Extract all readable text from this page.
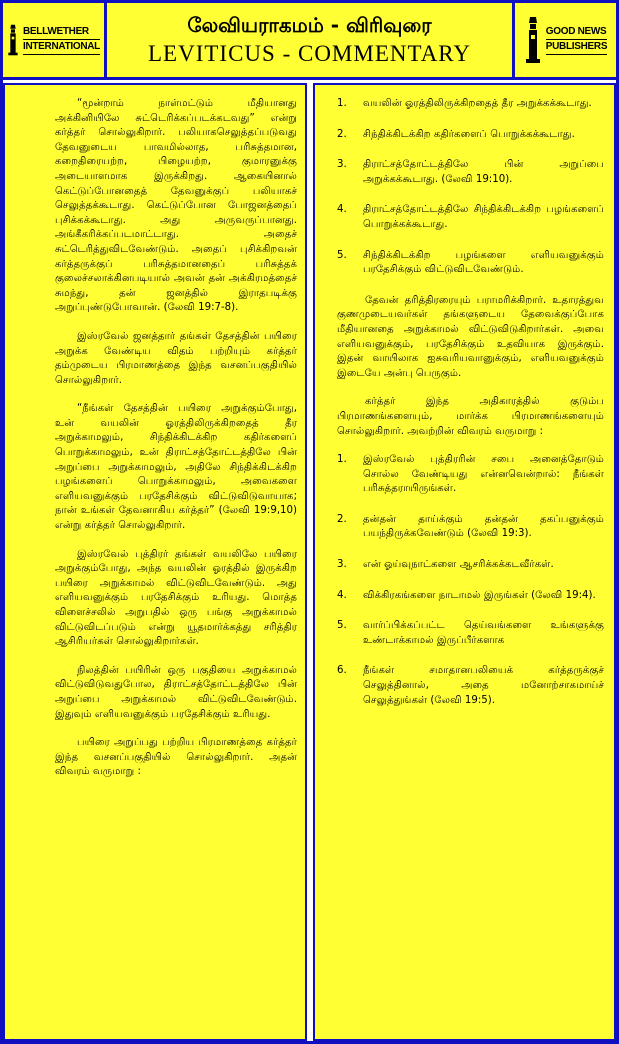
BELLWETHER
INTERNATIONAL
லேவியராகமம் - விரிவுரை
LEVITICUS - COMMENTARY
GOOD NEWS
PUBLISHERS

“மூன்றாம் நாள்மட்டும் மீதியானது அக்கினியிலே சுட்டெரிக்கப்படக்கடவது” என்று கர்த்தர் சொல்லுகிறார். பலியாகசெலுத்தப்படுவது தேவனுடைய பாவமில்லாத, பரிசுத்தமான, கறைதிரையற்ற, பிழையற்ற, குமாரனுக்கு அடையாளமாக இருக்கிறது. ஆகையினால் கெட்டுப்போனதைத் தேவனுக்குப் பலியாகச் செலுத்தக்கூடாது. கெட்டுப்போன போஜனத்தைப் புசிக்கக்கூடாது. அது அருவருப்பானது. அங்கீகரிக்கப்படமாட்டாது. அதைச் சுட்டெரித்துவிடவேண்டும். அதைப் புசிக்கிறவன் கர்த்தருக்குப் பரிசுத்தமானதைப் பரிசுத்தக் குலைச்சலாக்கினபடியால் அவன் தன் அக்கிரமத்தைச் சுமந்து, தன் ஜனத்தில் இராதபடிக்கு அறுப்புண்டுபோவான். (லேவி 19:7-8).

இஸ்ரவேல் ஜனத்தார் தங்கள் தேசத்தின் பயிரை அறுக்க வேண்டிய விதம் பற்றியும் கர்த்தர் தம்முடைய பிரமாணத்தை இந்த வசனப்பகுதியில் சொல்லுகிறார்.

“நீங்கள் தேசத்தின் பயிரை அறுக்கும்போது, உன் வயலின் ஓரத்திலிருக்கிறதைத் தீர அறுக்காமலும், சிந்திக்கிடக்கிற கதிர்களைப் பொறுக்காமலும், உன் திராட்சத்தோட்டத்திலே பின் அறுப்பை அறுக்காமலும், அதிலே சிந்திக்கிடக்கிற பழங்களைப் பொறுக்காமலும், அவைகளை எளியவனுக்கும் பரதேசிக்கும் விட்டுவிடுவாயாக; நான் உங்கள் தேவனாகிய கர்த்தர்” (லேவி 19:9,10) என்று கர்த்தர் சொல்லுகிறார்.

இஸ்ரவேல் புத்திரர் தங்கள் வயலிலே பயிரை அறுக்கும்போது, அந்த வயலின் ஓரத்தில் இருக்கிற பயிரை அறுக்காமல் விட்டுவிடவேண்டும். அது எளியவனுக்கும் பரதேசிக்கும் உரியது. மொத்த விளைச்சலில் அறுபதில் ஒரு பங்கு அறுக்காமல் விட்டுவிடப்படும் என்று யூதமார்க்கத்து சரித்திர ஆசிரியர்கள் சொல்லுகிறார்கள்.

நிலத்தின் பயிரின் ஒரு பகுதியை அறுக்காமல் விட்டுவிடுவதுபோல, திராட்சத்தோட்டத்திலே பின் அறுப்பை அறுக்காமல் விட்டுவிடவேண்டும். இதுவும் எளியவனுக்கும் பரதேசிக்கும் உரியது.

பயிரை அறுப்பது பற்றிய பிரமாணத்தை கர்த்தர் இந்த வசனப்பகுதியில் சொல்லுகிறார். அதன் விவரம் வருமாறு :

1. வயலின் ஓரத்திலிருக்கிறதைத் தீர அறுக்கக்கூடாது.
2. சிந்திக்கிடக்கிற கதிர்களைப் பொறுக்கக்கூடாது.
3. திராட்சத்தோட்டத்திலே பின் அறுப்பை அறுக்கக்கூடாது. (லேவி 19:10).
4. திராட்சத்தோட்டத்திலே சிந்திக்கிடக்கிற பழங்களைப் பொறுக்கக்கூடாது.
5. சிந்திக்கிடக்கிற பழங்களை எளியவனுக்கும் பரதேசிக்கும் விட்டுவிடவேண்டும்.

தேவன் தரித்திரரையும் பராமரிக்கிறார். உதாரத்துவ குணமுடையவர்கள் தங்களுடைய தேவைக்குப்போக மீதியானதை அறுக்காமல் விட்டுவிடுகிறார்கள். அவை எளியவனுக்கும், பரதேசிக்கும் உதவியாக இருக்கும். இதன் வாயிலாக ஐசுவரியவானுக்கும், எளியவனுக்கும் இடையே அன்பு பெருகும்.

கர்த்தர் இந்த அதிகாரத்தில் குடும்ப பிரமாணங்களையும், மார்க்க பிரமாணங்களையும் சொல்லுகிறார். அவற்றின் விவரம் வருமாறு :

1. இஸ்ரவேல் புத்திரரின் சபை அனைத்தோடும் சொல்ல வேண்டியது என்னவென்றால்: நீங்கள் பரிசுத்தராயிருங்கள்.
2. தன்தன் தாய்க்கும் தன்தன் தகப்பனுக்கும் பயந்திருக்கவேண்டும் (லேவி 19:3).
3. என் ஓய்வுநாட்களை ஆசரிக்கக்கடவீர்கள்.
4. விக்கிரகங்களை நாடாமல் இருங்கள் (லேவி 19:4).
5. வார்ப்பிக்கப்பட்ட தெய்வங்களை உங்களுக்கு உண்டாக்காமல் இருப்பீர்களாக
6. நீங்கள் சமாதானபலியைக் கர்த்தருக்குச் செலுத்தினால், அதை மனோற்சாகமாய்ச் செலுத்துங்கள் (லேவி 19:5).
